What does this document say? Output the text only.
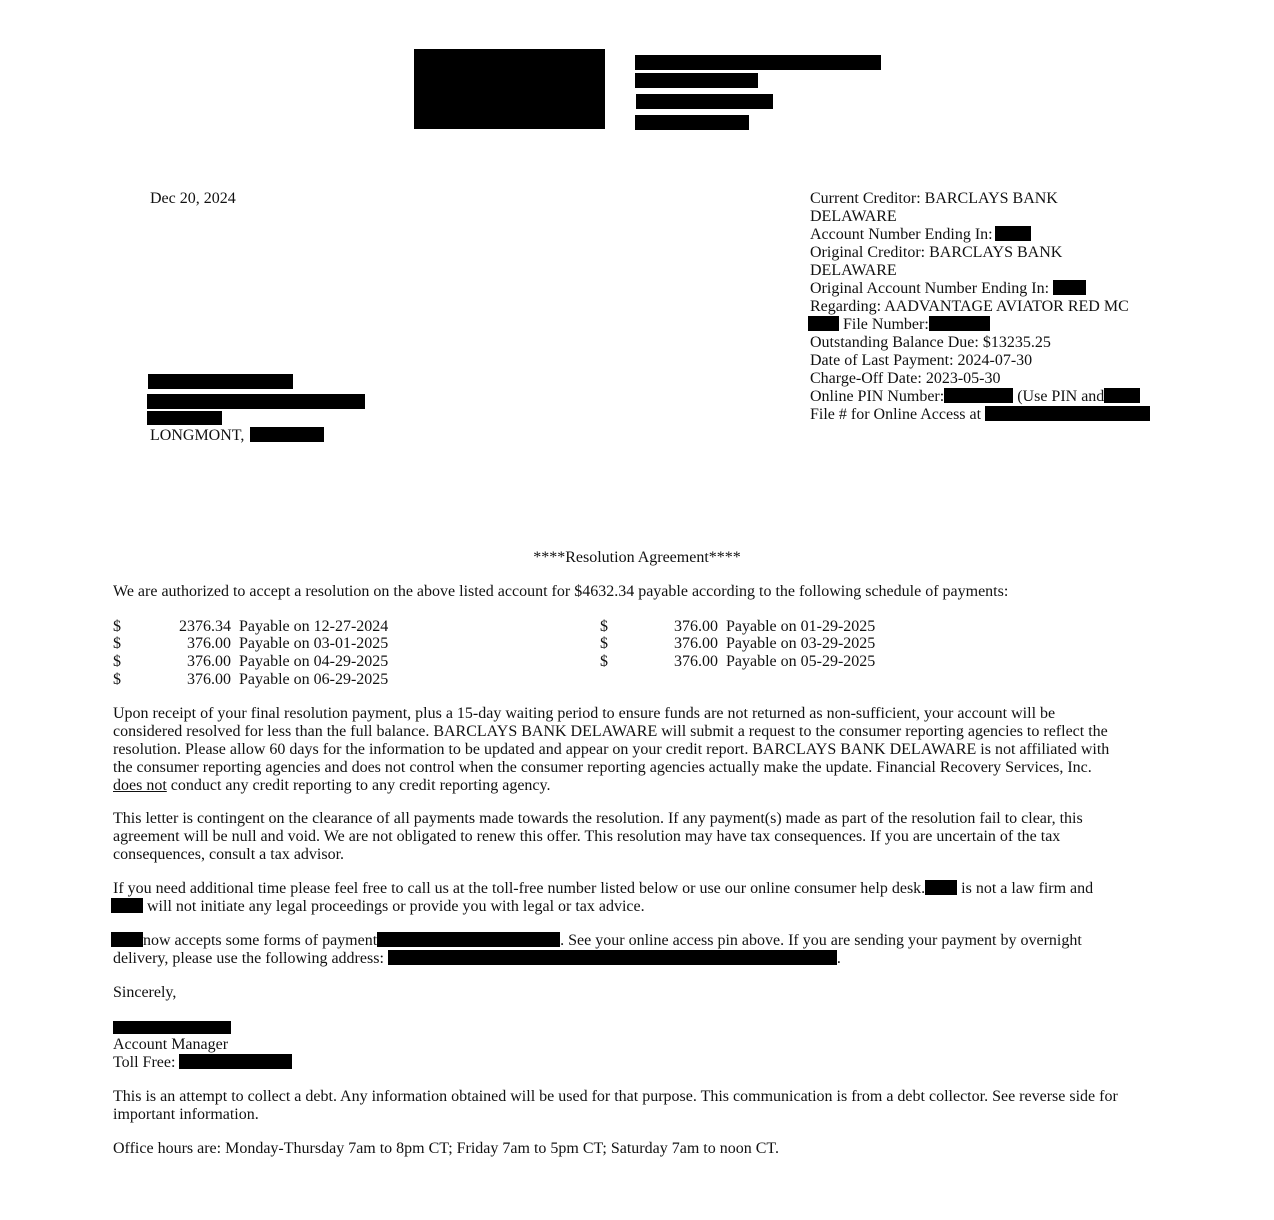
Dec 20, 2024
LONGMONT,
Current Creditor: BARCLAYS BANK
DELAWARE
Account Number Ending In:
Original Creditor: BARCLAYS BANK
DELAWARE
Original Account Number Ending In:
Regarding: AADVANTAGE AVIATOR RED MC
File Number:
Outstanding Balance Due: $13235.25
Date of Last Payment: 2024-07-30
Charge-Off Date: 2023-05-30
Online PIN Number:	(Use PIN and
File # for Online Access at
****Resolution Agreement****
We are authorized to accept a resolution on the above listed account for $4632.34 payable according to the following schedule of payments:
$	2376.34 Payable on 12-27-2024
$	376.00 Payable on 03-01-2025
$	376.00 Payable on 04-29-2025
$	376.00 Payable on 06-29-2025
$	376.00 Payable on 01-29-2025
$	376.00 Payable on 03-29-2025
$	376.00 Payable on 05-29-2025
Upon receipt of your final resolution payment, plus a 15-day waiting period to ensure funds are not returned as non-sufficient, your account will be
considered resolved for less than the full balance. BARCLAYS BANK DELAWARE will submit a request to the consumer reporting agencies to reflect the
resolution. Please allow 60 days for the information to be updated and appear on your credit report. BARCLAYS BANK DELAWARE is not affiliated with
the consumer reporting agencies and does not control when the consumer reporting agencies actually make the update. Financial Recovery Services, Inc.
does not conduct any credit reporting to any credit reporting agency.
This letter is contingent on the clearance of all payments made towards the resolution. If any payment(s) made as part of the resolution fail to clear, this
agreement will be null and void. We are not obligated to renew this offer. This resolution may have tax consequences. If you are uncertain of the tax
consequences, consult a tax advisor.
If you need additional time please feel free to call us at the toll-free number listed below or use our online consumer help desk. is not a law firm and
will not initiate any legal proceedings or provide you with legal or tax advice.
now accepts some forms of payment	. See your online access pin above. If you are sending your payment by overnight
delivery, please use the following address:	.
Sincerely,
Account Manager
Toll Free:
This is an attempt to collect a debt. Any information obtained will be used for that purpose. This communication is from a debt collector. See reverse side for
important information.
Office hours are: Monday-Thursday 7am to 8pm CT; Friday 7am to 5pm CT; Saturday 7am to noon CT.
